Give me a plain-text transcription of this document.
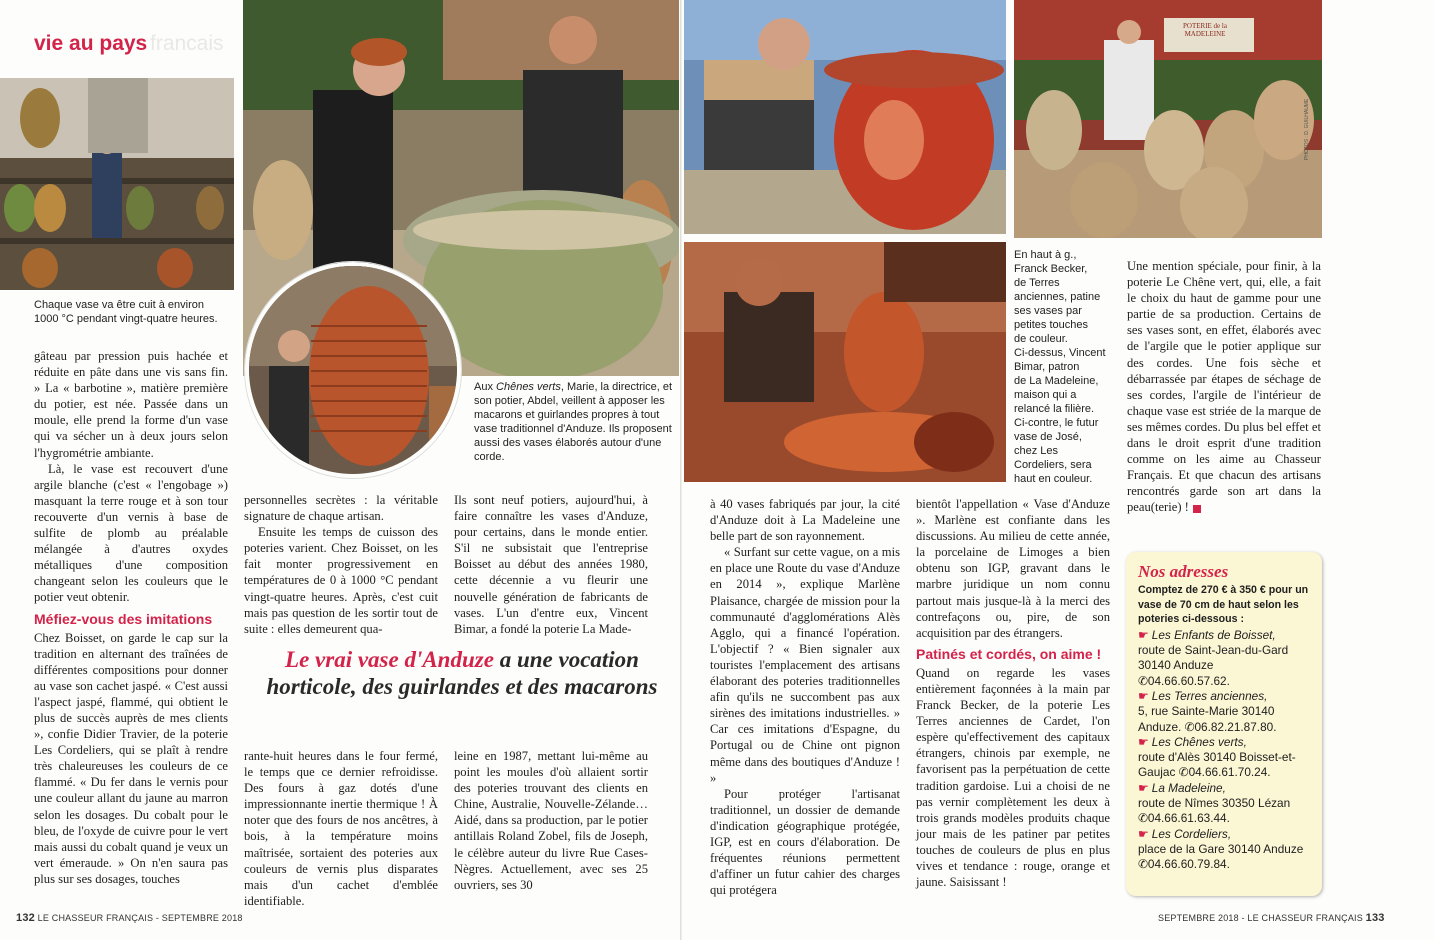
francais
vie au pays
Chaque vase va être cuit à environ 1000 °C pendant vingt-quatre heures.
Aux Chênes verts, Marie, la directrice, et son potier, Abdel, veillent à apposer les macarons et guirlandes propres à tout vase traditionnel d'Anduze. Ils proposent aussi des vases élaborés autour d'une corde.

gâteau par pression puis hachée et réduite en pâte dans une vis sans fin. » La « barbotine », matière première du potier, est née. Passée dans un moule, elle prend la forme d'un vase qui va sécher un à deux jours selon l'hygrométrie ambiante.

Là, le vase est recouvert d'une argile blanche (c'est « l'engobage ») masquant la terre rouge et à son tour recouverte d'un vernis à base de sulfite de plomb au préalable mélangée à d'autres oxydes métalliques d'une composition changeant selon les couleurs que le potier veut obtenir.

Méfiez-vous des imitations

Chez Boisset, on garde le cap sur la tradition en alternant des traînées de différentes compositions pour donner au vase son cachet jaspé. « C'est aussi l'aspect jaspé, flammé, qui obtient le plus de succès auprès de mes clients », confie Didier Travier, de la poterie Les Cordeliers, qui se plaît à rendre très chaleureuses les couleurs de ce flammé. « Du fer dans le vernis pour une couleur allant du jaune au marron selon les dosages. Du cobalt pour le bleu, de l'oxyde de cuivre pour le vert mais aussi du cobalt quand je veux un vert émeraude. » On n'en saura pas plus sur ses dosages, touches

personnelles secrètes : la véritable signature de chaque artisan.

Ensuite les temps de cuisson des poteries varient. Chez Boisset, on les fait monter progressivement en températures de 0 à 1000 °C pendant vingt-quatre heures. Après, c'est cuit mais pas question de les sortir tout de suite : elles demeurent qua-

Ils sont neuf potiers, aujourd'hui, à faire connaître les vases d'Anduze, pour certains, dans le monde entier. S'il ne subsistait que l'entreprise Boisset au début des années 1980, cette décennie a vu fleurir une nouvelle génération de fabricants de vases. L'un d'entre eux, Vincent Bimar, a fondé la poterie La Made-

Le vrai vase d'Anduze a une vocation horticole, des guirlandes et des macarons

rante-huit heures dans le four fermé, le temps que ce dernier refroidisse. Des fours à gaz dotés d'une impressionnante inertie thermique ! À noter que des fours de nos ancêtres, à bois, à la température moins maîtrisée, sortaient des poteries aux couleurs de vernis plus disparates mais d'un cachet d'emblée identifiable.

leine en 1987, mettant lui-même au point les moules d'où allaient sortir des poteries trouvant des clients en Chine, Australie, Nouvelle-Zélande… Aidé, dans sa production, par le potier antillais Roland Zobel, fils de Joseph, le célèbre auteur du livre Rue Cases-Nègres. Actuellement, avec ses 25 ouvriers, ses 30

132 LE CHASSEUR FRANÇAIS - SEPTEMBRE 2018
POTERIE de la MADELEINE
PHOTOS : D. GUILHAUME
En haut à g.,
Franck Becker,
de Terres
anciennes, patine
ses vases par
petites touches
de couleur.
Ci-dessus, Vincent
Bimar, patron
de La Madeleine,
maison qui a
relancé la filière.
Ci-contre, le futur
vase de José,
chez Les
Cordeliers, sera
haut en couleur.

à 40 vases fabriqués par jour, la cité d'Anduze doit à La Madeleine une belle part de son rayonnement.

« Surfant sur cette vague, on a mis en place une Route du vase d'Anduze en 2014 », explique Marlène Plaisance, chargée de mission pour la communauté d'agglomérations Alès Agglo, qui a financé l'opération. L'objectif ? « Bien signaler aux touristes l'emplacement des artisans élaborant des poteries traditionnelles afin qu'ils ne succombent pas aux sirènes des imitations industrielles. » Car ces imitations d'Espagne, du Portugal ou de Chine ont pignon même dans des boutiques d'Anduze ! »

Pour protéger l'artisanat traditionnel, un dossier de demande d'indication géographique protégée, IGP, est en cours d'élaboration. De fréquentes réunions permettent d'affiner un futur cahier des charges qui protégera

bientôt l'appellation « Vase d'Anduze ». Marlène est confiante dans les discussions. Au milieu de cette année, la porcelaine de Limoges a bien obtenu son IGP, gravant dans le marbre juridique un nom connu partout mais jusque-là à la merci des contrefaçons ou, pire, de son acquisition par des étrangers.

Patinés et cordés, on aime !

Quand on regarde les vases entièrement façonnées à la main par Franck Becker, de la poterie Les Terres anciennes de Cardet, l'on espère qu'effectivement des capitaux étrangers, chinois par exemple, ne favorisent pas la perpétuation de cette tradition gardoise. Lui a choisi de ne pas vernir complètement les deux à trois grands modèles produits chaque jour mais de les patiner par petites touches de couleurs de plus en plus vives et tendance : rouge, orange et jaune. Saisissant !

Une mention spéciale, pour finir, à la poterie Le Chêne vert, qui, elle, a fait le choix du haut de gamme pour une partie de sa production. Certains de ses vases sont, en effet, élaborés avec de l'argile que le potier applique sur des cordes. Une fois sèche et débarrassée par étapes de séchage de ses cordes, l'argile de l'intérieur de chaque vase est striée de la marque de ses mêmes cordes. Du plus bel effet et dans le droit esprit d'une tradition comme on les aime au Chasseur Français. Et que chacun des artisans rencontrés garde son art dans la peau(terie) !

SEPTEMBRE 2018 - LE CHASSEUR FRANÇAIS 133
Nos adresses
Comptez de 270 € à 350 € pour un vase de 70 cm de haut selon les poteries ci-dessous :
☛ Les Enfants de Boisset,
route de Saint-Jean-du-Gard 30140 Anduze
✆04.66.60.57.62.
☛ Les Terres anciennes,
5, rue Sainte-Marie 30140 Anduze. ✆06.82.21.87.80.
☛ Les Chênes verts,
route d'Alès 30140 Boisset-et-Gaujac ✆04.66.61.70.24.
☛ La Madeleine,
route de Nîmes 30350 Lézan
✆04.66.61.63.44.
☛ Les Cordeliers,
place de la Gare 30140 Anduze
✆04.66.60.79.84.
